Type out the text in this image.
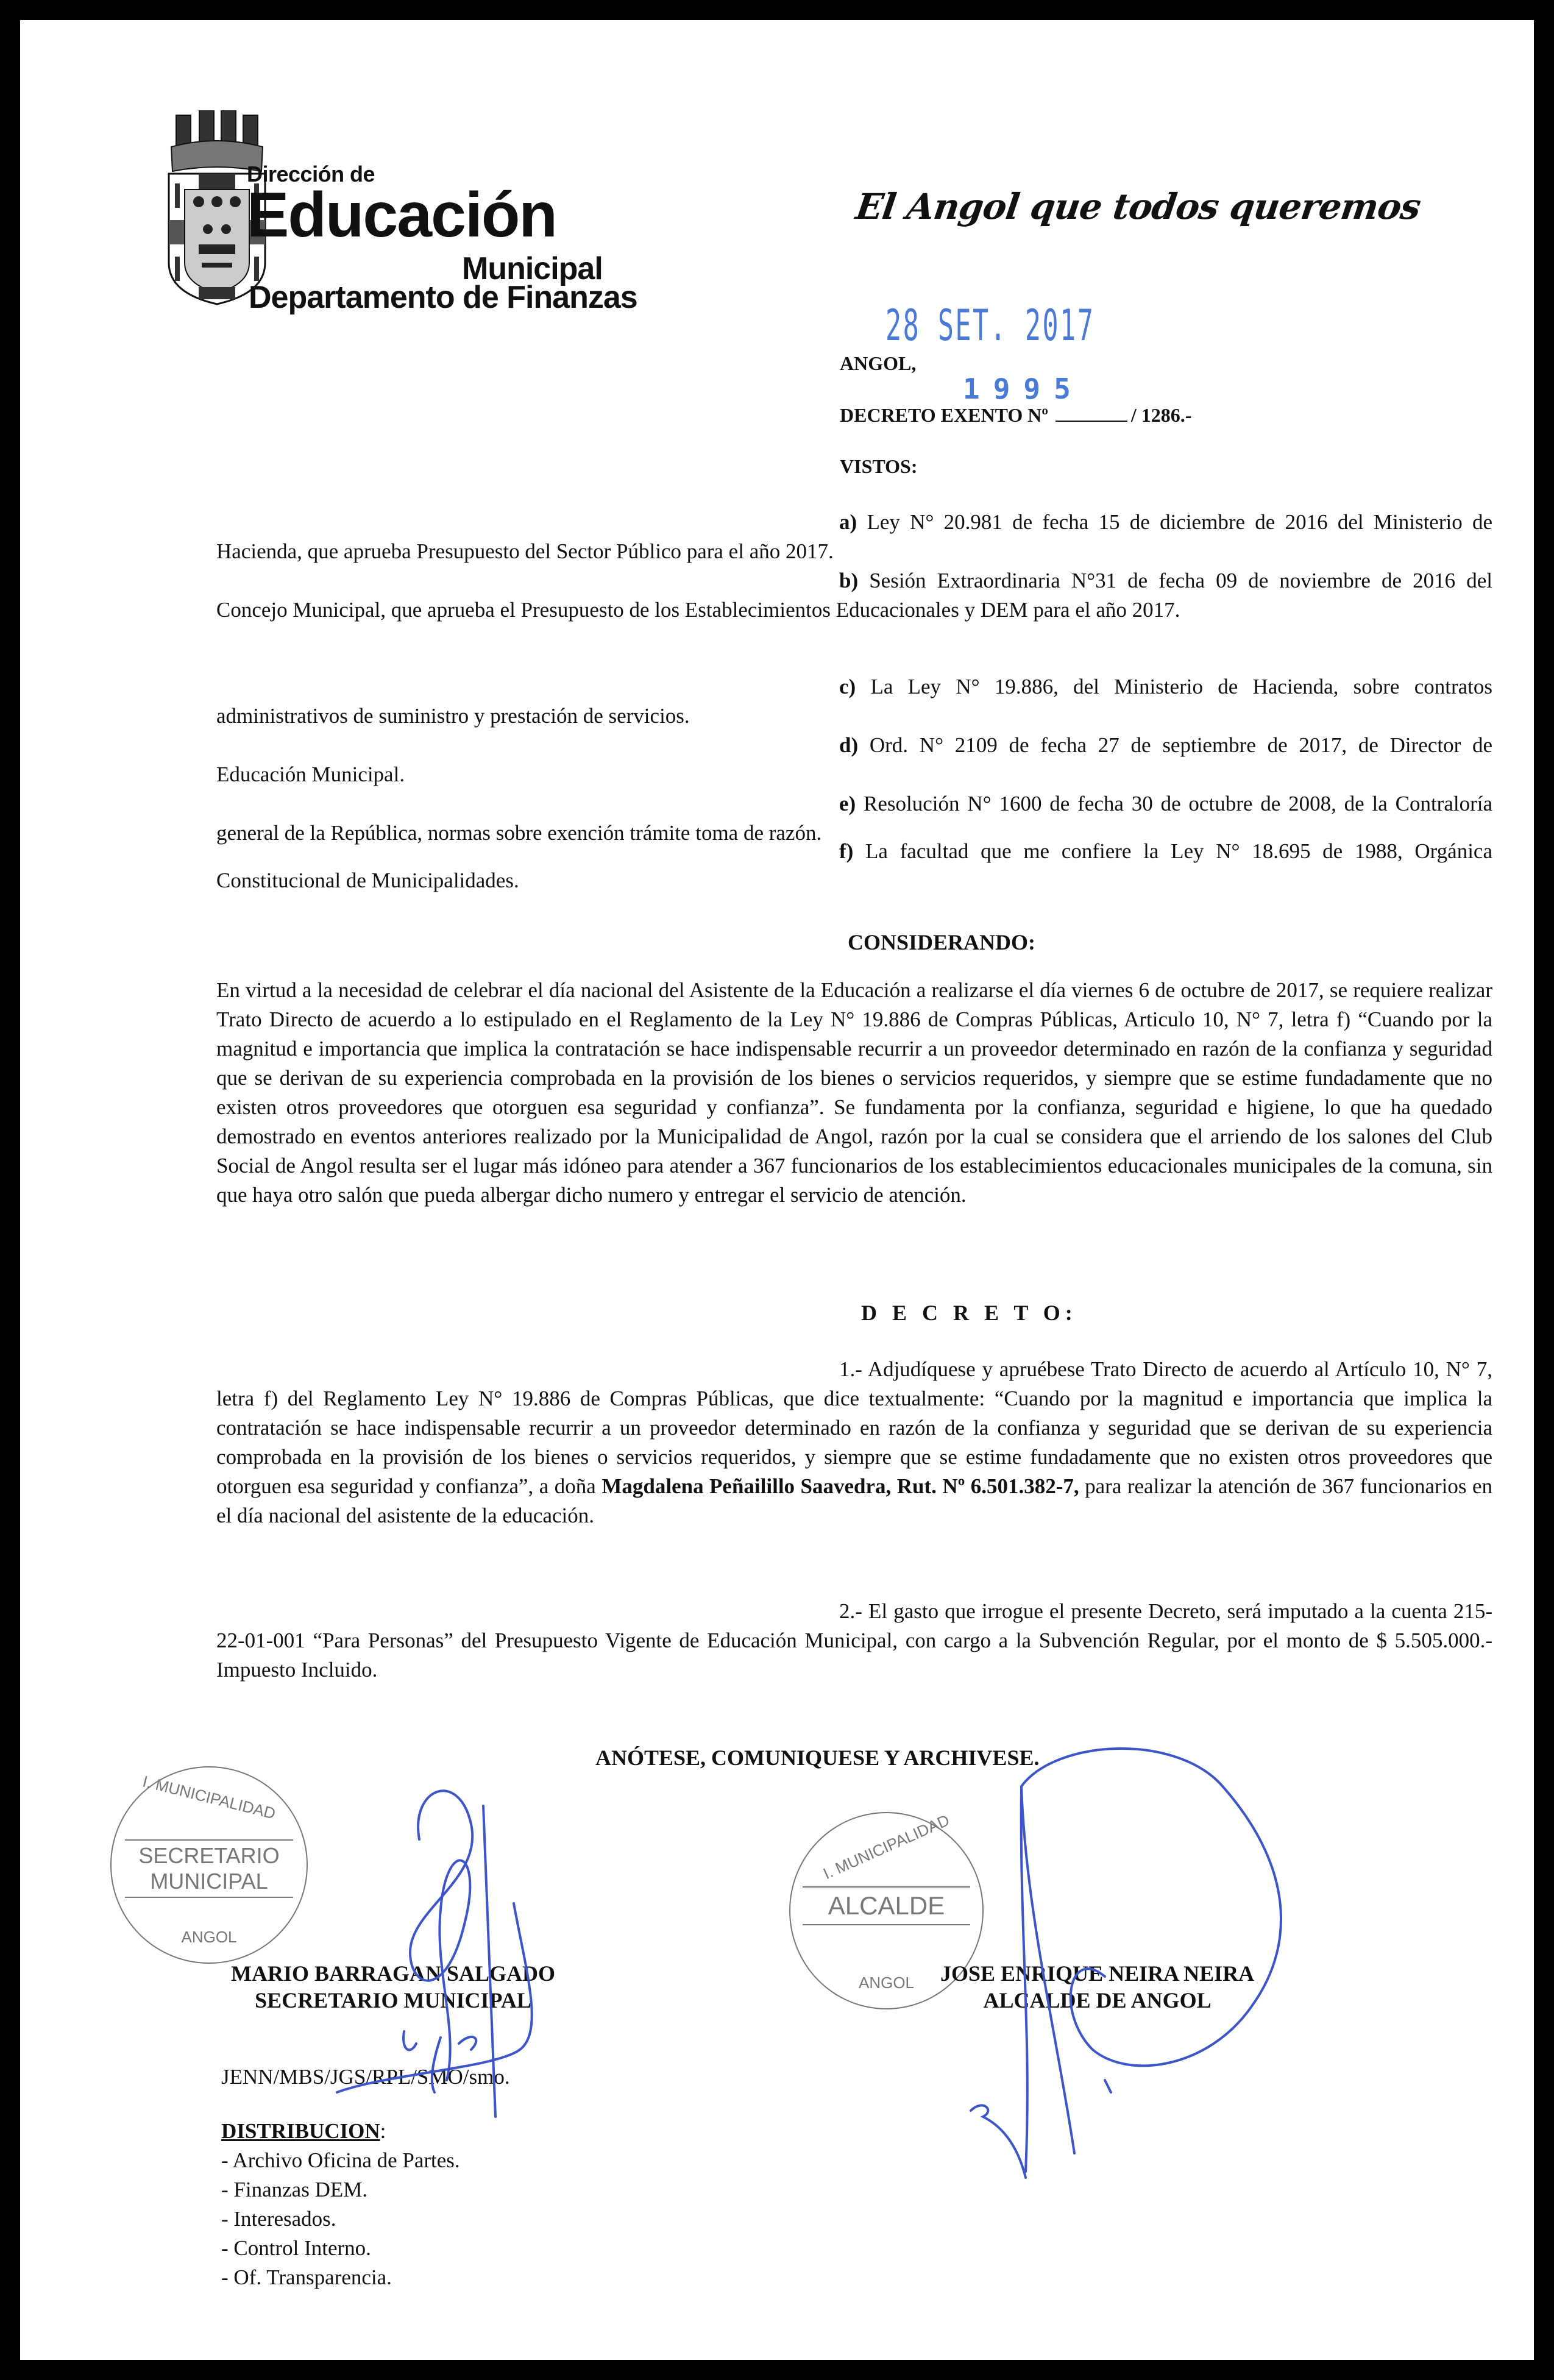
Dirección de
Educación
Municipal
Departamento de Finanzas
El Angol que todos queremos
28 SET. 2017
ANGOL,
1995
DECRETO EXENTO Nº	/ 1286.-
VISTOS:
a) Ley N° 20.981 de fecha 15 de diciembre de 2016 del Ministerio de Hacienda, que aprueba Presupuesto del Sector Público para el año 2017.
b) Sesión Extraordinaria N°31 de fecha 09 de noviembre de 2016 del Concejo Municipal, que aprueba el Presupuesto de los Establecimientos Educacionales y DEM para el año 2017.
c) La Ley N° 19.886, del Ministerio de Hacienda, sobre contratos administrativos de suministro y prestación de servicios.
d) Ord. N° 2109 de fecha 27 de septiembre de 2017, de Director de Educación Municipal.
e) Resolución N° 1600 de fecha 30 de octubre de 2008, de la Contraloría general de la República, normas sobre exención trámite toma de razón.
f) La facultad que me confiere la Ley N° 18.695 de 1988, Orgánica Constitucional de Municipalidades.
CONSIDERANDO:
En virtud a la necesidad de celebrar el día nacional del Asistente de la Educación a realizarse el día viernes 6 de octubre de 2017, se requiere realizar Trato Directo de acuerdo a lo estipulado en el Reglamento de la Ley N° 19.886 de Compras Públicas, Articulo 10, N° 7, letra f) “Cuando por la magnitud e importancia que implica la contratación se hace indispensable recurrir a un proveedor determinado en razón de la confianza y seguridad que se derivan de su experiencia comprobada en la provisión de los bienes o servicios requeridos, y siempre que se estime fundadamente que no existen otros proveedores que otorguen esa seguridad y confianza”. Se fundamenta por la confianza, seguridad e higiene, lo que ha quedado demostrado en eventos anteriores realizado por la Municipalidad de Angol, razón por la cual se considera que el arriendo de los salones del Club Social de Angol resulta ser el lugar más idóneo para atender a 367 funcionarios de los establecimientos educacionales municipales de la comuna, sin que haya otro salón que pueda albergar dicho numero y entregar el servicio de atención.
D E C R E T O:
1.- Adjudíquese y apruébese Trato Directo de acuerdo al Artículo 10, N° 7, letra f) del Reglamento Ley N° 19.886 de Compras Públicas, que dice textualmente: “Cuando por la magnitud e importancia que implica la contratación se hace indispensable recurrir a un proveedor determinado en razón de la confianza y seguridad que se derivan de su experiencia comprobada en la provisión de los bienes o servicios requeridos, y siempre que se estime fundadamente que no existen otros proveedores que otorguen esa seguridad y confianza”, a doña Magdalena Peñailillo Saavedra, Rut. Nº 6.501.382-7, para realizar la atención de 367 funcionarios en el día nacional del asistente de la educación.
2.- El gasto que irrogue el presente Decreto, será imputado a la cuenta 215-22-01-001 “Para Personas” del Presupuesto Vigente de Educación Municipal, con cargo a la Subvención Regular, por el monto de $ 5.505.000.- Impuesto Incluido.
ANÓTESE, COMUNIQUESE Y ARCHIVESE.
I. MUNICIPALIDAD
SECRETARIO MUNICIPAL
ANGOL
I. MUNICIPALIDAD
ALCALDE
ANGOL
MARIO BARRAGAN SALGADO
SECRETARIO MUNICIPAL
JOSE ENRIQUE NEIRA NEIRA
ALCALDE DE ANGOL
JENN/MBS/JGS/RPL/SMO/smo.
DISTRIBUCION:
- Archivo Oficina de Partes.
- Finanzas DEM.
- Interesados.
- Control Interno.
- Of. Transparencia.
